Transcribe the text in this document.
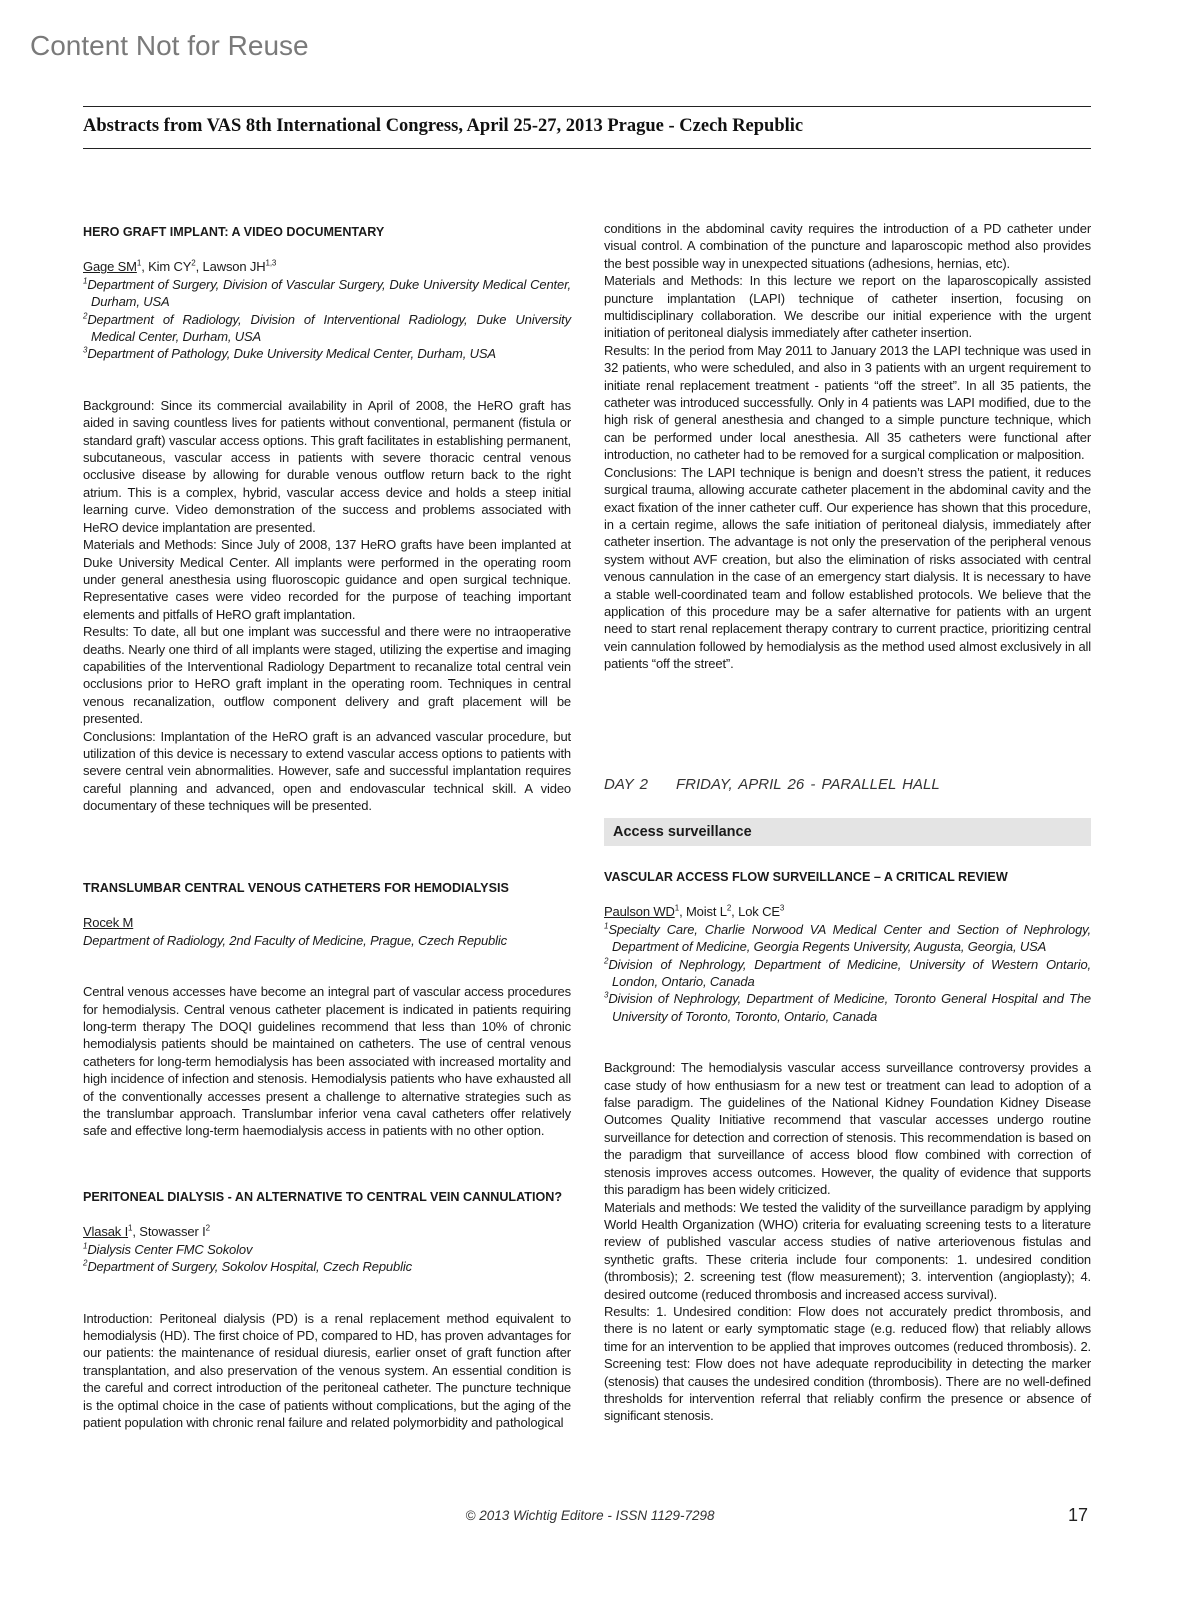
Content Not for Reuse
Abstracts from VAS 8th International Congress, April 25-27, 2013 Prague - Czech Republic
HERO GRAFT IMPLANT: A VIDEO DOCUMENTARY
Gage $SM^1$, Kim $CY^2$, Lawson JH$^{1,3}$
$^1$Department of Surgery, Division of Vascular Surgery, Duke University Medical Center, Durham, USA
$^2$Department of Radiology, Division of Interventional Radiology, Duke University Medical Center, Durham, USA
$^3$Department of Pathology, Duke University Medical Center, Durham, USA

Background: Since its commercial availability in April of 2008, the HeRO graft has aided in saving countless lives for patients without conventional, permanent (fistula or standard graft) vascular access options. This graft facilitates in establishing permanent, subcutaneous, vascular access in patients with severe thoracic central venous occlusive disease by allowing for durable venous outflow return back to the right atrium. This is a complex, hybrid, vascular access device and holds a steep initial learning curve. Video demonstration of the success and problems associated with HeRO device implantation are presented.

Materials and Methods: Since July of 2008, 137 HeRO grafts have been implanted at Duke University Medical Center. All implants were performed in the operating room under general anesthesia using fluoroscopic guidance and open surgical technique. Representative cases were video recorded for the purpose of teaching important elements and pitfalls of HeRO graft implantation.

Results: To date, all but one implant was successful and there were no intraoperative deaths. Nearly one third of all implants were staged, utilizing the expertise and imaging capabilities of the Interventional Radiology Department to recanalize total central vein occlusions prior to HeRO graft implant in the operating room. Techniques in central venous recanalization, outflow component delivery and graft placement will be presented.

Conclusions: Implantation of the HeRO graft is an advanced vascular procedure, but utilization of this device is necessary to extend vascular access options to patients with severe central vein abnormalities. However, safe and successful implantation requires careful planning and advanced, open and endovascular technical skill. A video documentary of these techniques will be presented.

TRANSLUMBAR CENTRAL VENOUS CATHETERS FOR HEMODIALYSIS
Rocek M
Department of Radiology, 2nd Faculty of Medicine, Prague, Czech Republic

Central venous accesses have become an integral part of vascular access procedures for hemodialysis. Central venous catheter placement is indicated in patients requiring long-term therapy The DOQI guidelines recommend that less than 10% of chronic hemodialysis patients should be maintained on catheters. The use of central venous catheters for long-term hemodialysis has been associated with increased mortality and high incidence of infection and stenosis. Hemodialysis patients who have exhausted all of the conventionally accesses present a challenge to alternative strategies such as the translumbar approach. Translumbar inferior vena caval catheters offer relatively safe and effective long-term haemodialysis access in patients with no other option.

PERITONEAL DIALYSIS - AN ALTERNATIVE TO CENTRAL VEIN CANNULATION?
Vlasak $I^1$, Stowasser $I^2$
$^1$Dialysis Center FMC Sokolov
$^2$Department of Surgery, Sokolov Hospital, Czech Republic

Introduction: Peritoneal dialysis (PD) is a renal replacement method equivalent to hemodialysis (HD). The first choice of PD, compared to HD, has proven advantages for our patients: the maintenance of residual diuresis, earlier onset of graft function after transplantation, and also preservation of the venous system. An essential condition is the careful and correct introduction of the peritoneal catheter. The puncture technique is the optimal choice in the case of patients without complications, but the aging of the patient population with chronic renal failure and related polymorbidity and pathological

conditions in the abdominal cavity requires the introduction of a PD catheter under visual control. A combination of the puncture and laparoscopic method also provides the best possible way in unexpected situations (adhesions, hernias, etc).

Materials and Methods: In this lecture we report on the laparoscopically assisted puncture implantation (LAPI) technique of catheter insertion, focusing on multidisciplinary collaboration. We describe our initial experience with the urgent initiation of peritoneal dialysis immediately after catheter insertion.

Results: In the period from May 2011 to January 2013 the LAPI technique was used in 32 patients, who were scheduled, and also in 3 patients with an urgent requirement to initiate renal replacement treatment - patients “off the street”. In all 35 patients, the catheter was introduced successfully. Only in 4 patients was LAPI modified, due to the high risk of general anesthesia and changed to a simple puncture technique, which can be performed under local anesthesia. All 35 catheters were functional after introduction, no catheter had to be removed for a surgical complication or malposition.

Conclusions: The LAPI technique is benign and doesn’t stress the patient, it reduces surgical trauma, allowing accurate catheter placement in the abdominal cavity and the exact fixation of the inner catheter cuff. Our experience has shown that this procedure, in a certain regime, allows the safe initiation of peritoneal dialysis, immediately after catheter insertion. The advantage is not only the preservation of the peripheral venous system without AVF creation, but also the elimination of risks associated with central venous cannulation in the case of an emergency start dialysis. It is necessary to have a stable well-coordinated team and follow established protocols. We believe that the application of this procedure may be a safer alternative for patients with an urgent need to start renal replacement therapy contrary to current practice, prioritizing central vein cannulation followed by hemodialysis as the method used almost exclusively in all patients “off the street”.

DAY 2 FRIDAY, APRIL 26 - PARALLEL HALL
Access surveillance
VASCULAR ACCESS FLOW SURVEILLANCE – A CRITICAL REVIEW
Paulson $WD^1$, Moist $L^2$, Lok $CE^3$
$^1$Specialty Care, Charlie Norwood VA Medical Center and Section of Nephrology, Department of Medicine, Georgia Regents University, Augusta, Georgia, USA
$^2$Division of Nephrology, Department of Medicine, University of Western Ontario, London, Ontario, Canada
$^3$Division of Nephrology, Department of Medicine, Toronto General Hospital and The University of Toronto, Toronto, Ontario, Canada

Background: The hemodialysis vascular access surveillance controversy provides a case study of how enthusiasm for a new test or treatment can lead to adoption of a false paradigm. The guidelines of the National Kidney Foundation Kidney Disease Outcomes Quality Initiative recommend that vascular accesses undergo routine surveillance for detection and correction of stenosis. This recommendation is based on the paradigm that surveillance of access blood flow combined with correction of stenosis improves access outcomes. However, the quality of evidence that supports this paradigm has been widely criticized.

Materials and methods: We tested the validity of the surveillance paradigm by applying World Health Organization (WHO) criteria for evaluating screening tests to a literature review of published vascular access studies of native arteriovenous fistulas and synthetic grafts. These criteria include four components: 1. undesired condition (thrombosis); 2. screening test (flow measurement); 3. intervention (angioplasty); 4. desired outcome (reduced thrombosis and increased access survival).

Results: 1. Undesired condition: Flow does not accurately predict thrombosis, and there is no latent or early symptomatic stage (e.g. reduced flow) that reliably allows time for an intervention to be applied that improves outcomes (reduced thrombosis). 2. Screening test: Flow does not have adequate reproducibility in detecting the marker (stenosis) that causes the undesired condition (thrombosis). There are no well-defined thresholds for intervention referral that reliably confirm the presence or absence of significant stenosis.

© 2013 Wichtig Editore - ISSN 1129-7298	17
